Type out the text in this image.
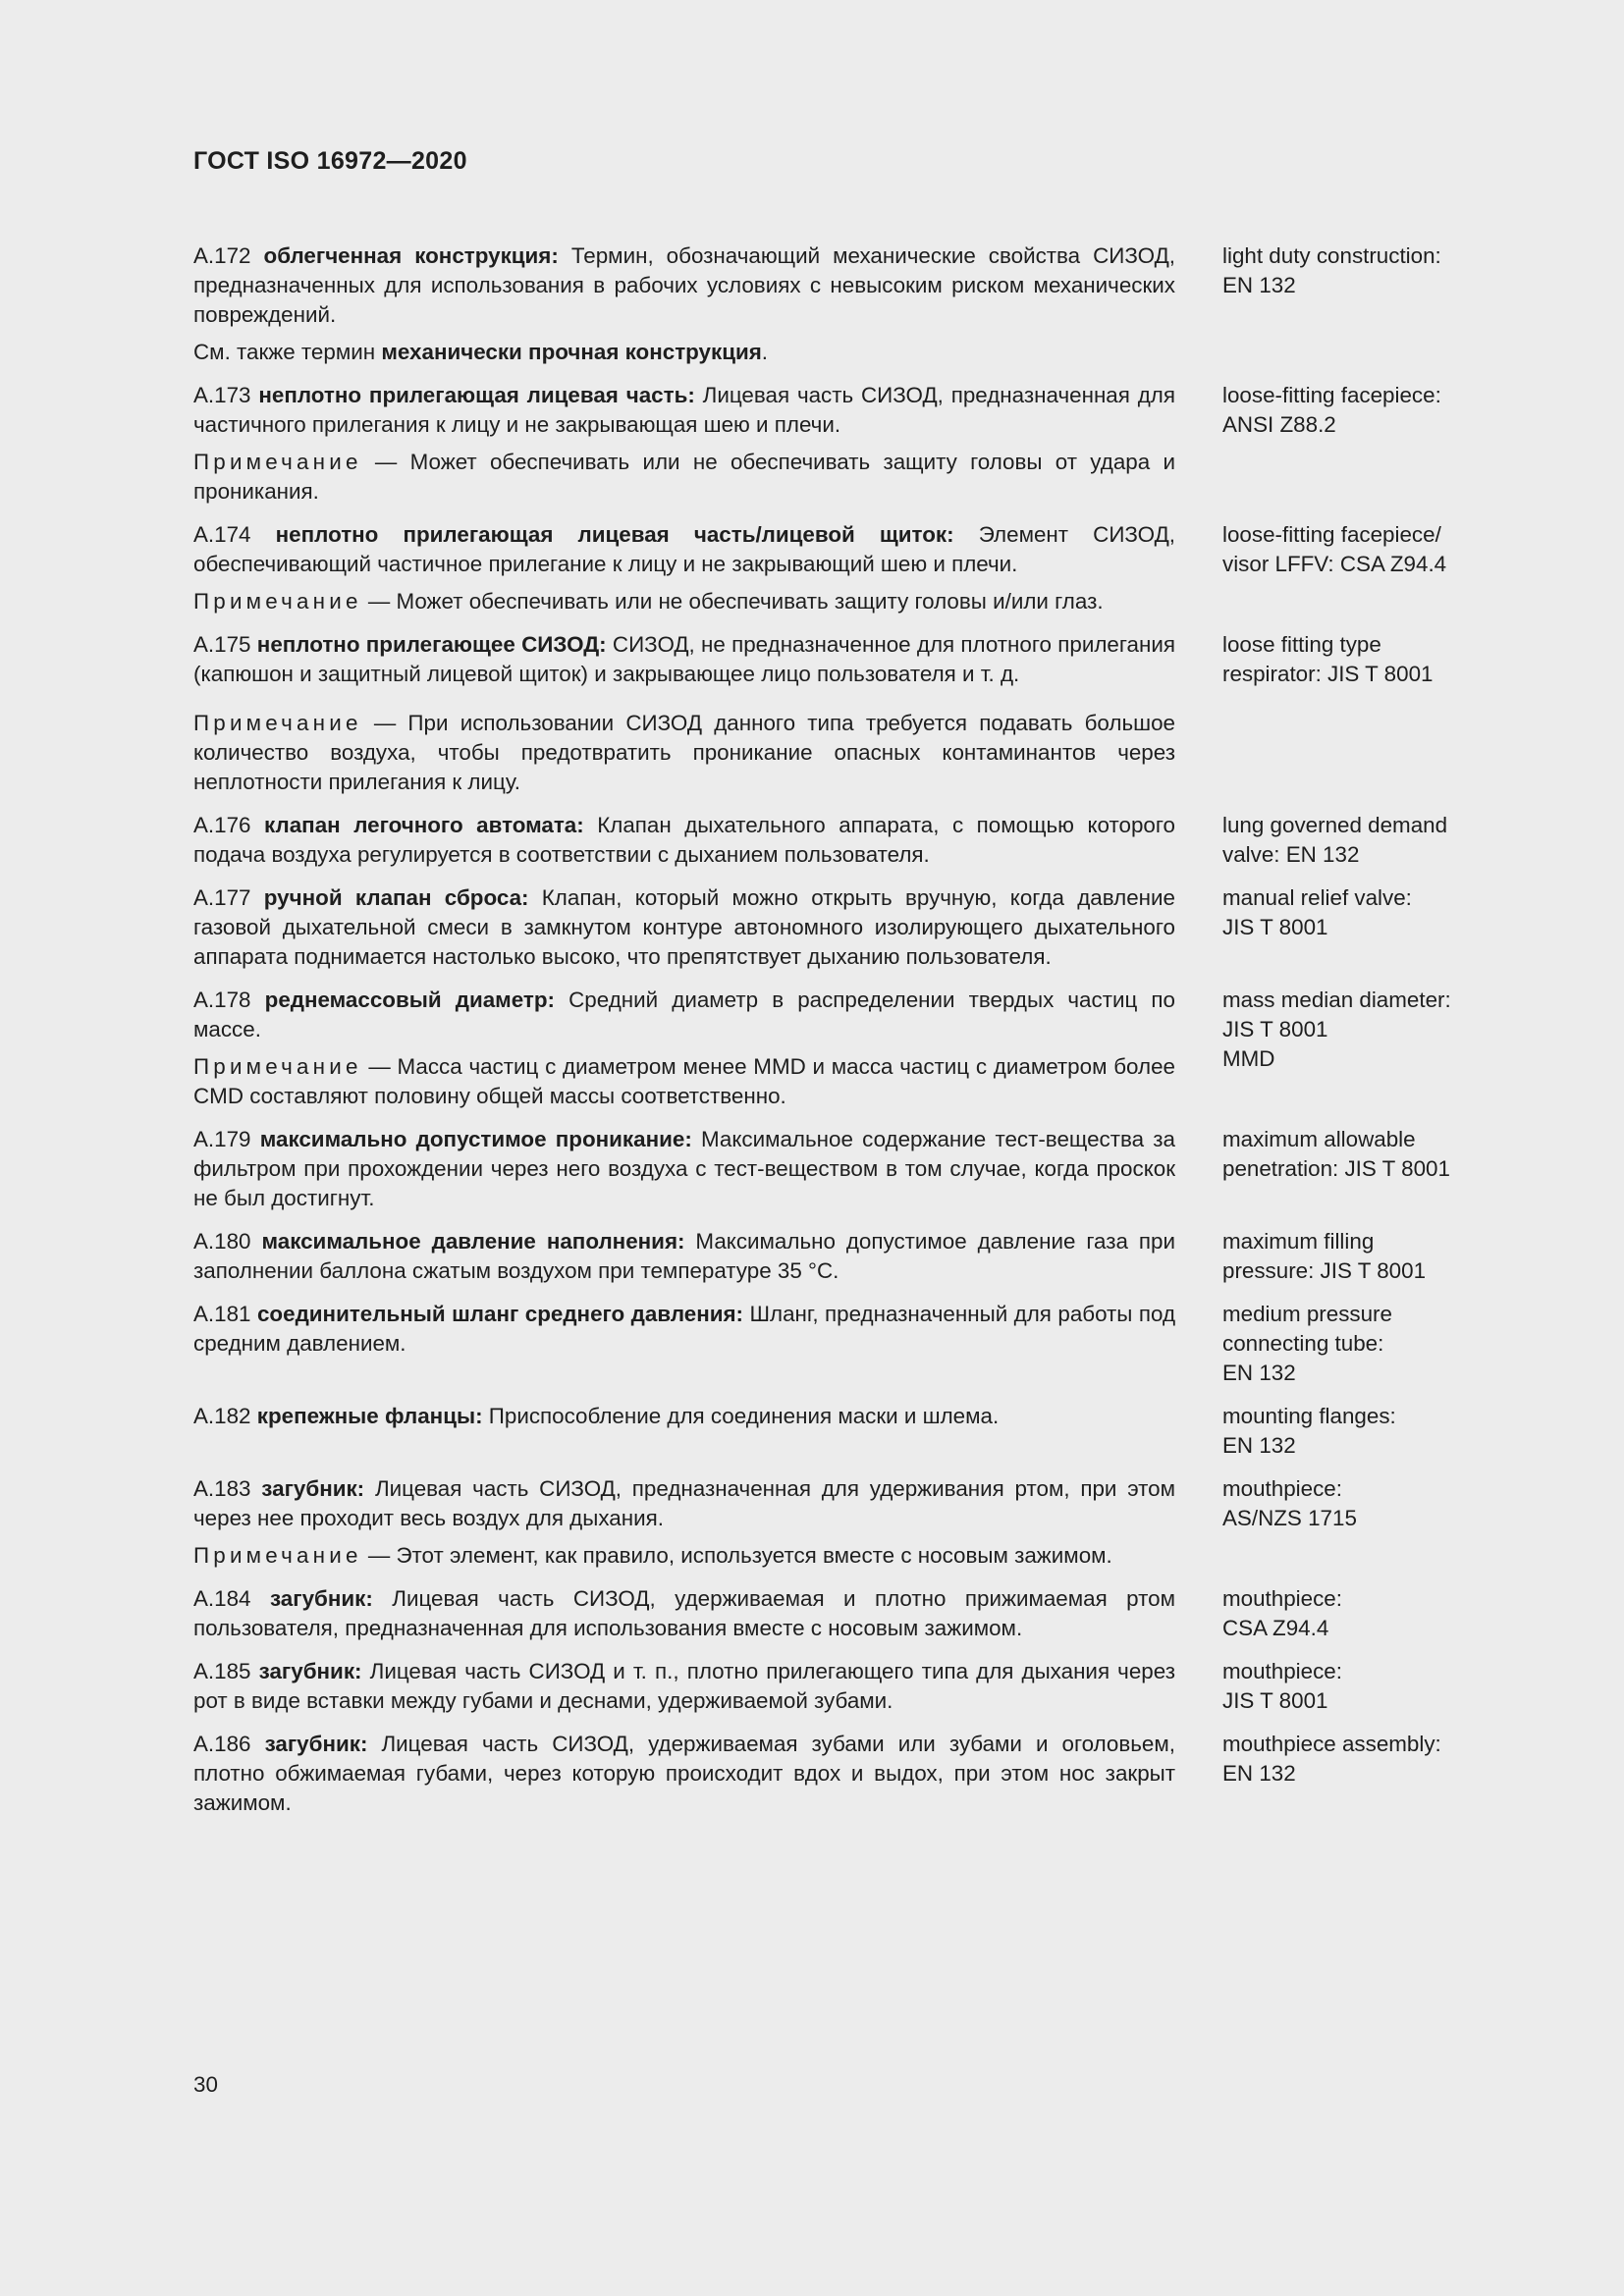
ГОСТ ISO 16972—2020

A.172 облегченная конструкция: Термин, обозначающий механические свойства СИЗОД, предназначенных для использования в рабочих условиях с невысоким риском механических повреждений.

См. также термин механически прочная конструкция.

light duty construction:
EN 132

A.173 неплотно прилегающая лицевая часть: Лицевая часть СИЗОД, предназначенная для частичного прилегания к лицу и не закрывающая шею и плечи.

Примечание — Может обеспечивать или не обеспечивать защиту головы от удара и проникания.

loose-fitting facepiece:
ANSI Z88.2

A.174 неплотно прилегающая лицевая часть/лицевой щиток: Элемент СИЗОД, обеспечивающий частичное прилегание к лицу и не закрывающий шею и плечи.

Примечание — Может обеспечивать или не обеспечивать защиту головы и/или глаз.

loose-fitting facepiece/
visor LFFV: CSA Z94.4

A.175 неплотно прилегающее СИЗОД: СИЗОД, не предназначенное для плотного прилегания (капюшон и защитный лицевой щиток) и закрывающее лицо пользователя и т. д.

Примечание — При использовании СИЗОД данного типа требуется подавать большое количество воздуха, чтобы предотвратить проникание опасных контаминантов через неплотности прилегания к лицу.

loose fitting type
respirator: JIS T 8001

A.176 клапан легочного автомата: Клапан дыхательного аппарата, с помощью которого подача воздуха регулируется в соответствии с дыханием пользователя.

lung governed demand
valve: EN 132

A.177 ручной клапан сброса: Клапан, который можно открыть вручную, когда давление газовой дыхательной смеси в замкнутом контуре автономного изолирующего дыхательного аппарата поднимается настолько высоко, что препятствует дыханию пользователя.

manual relief valve:
JIS T 8001

A.178 реднемассовый диаметр: Средний диаметр в распределении твердых частиц по массе.

Примечание — Масса частиц с диаметром менее MMD и масса частиц с диаметром более CMD составляют половину общей массы соответственно.

mass median diameter:
JIS T 8001
MMD

A.179 максимально допустимое проникание: Максимальное содержание тест-вещества за фильтром при прохождении через него воздуха с тест-веществом в том случае, когда проскок не был достигнут.

maximum allowable
penetration: JIS T 8001

A.180 максимальное давление наполнения: Максимально допустимое давление газа при заполнении баллона сжатым воздухом при температуре 35 °C.

maximum filling
pressure: JIS T 8001

A.181 соединительный шланг среднего давления: Шланг, предназначенный для работы под средним давлением.

medium pressure
connecting tube:
EN 132

A.182 крепежные фланцы: Приспособление для соединения маски и шлема.	mounting flanges:
EN 132

A.183 загубник: Лицевая часть СИЗОД, предназначенная для удерживания ртом, при этом через нее проходит весь воздух для дыхания.

Примечание — Этот элемент, как правило, используется вместе с носовым зажимом.

mouthpiece:
AS/NZS 1715

A.184 загубник: Лицевая часть СИЗОД, удерживаемая и плотно прижимаемая ртом пользователя, предназначенная для использования вместе с носовым зажимом.

mouthpiece:
CSA Z94.4

A.185 загубник: Лицевая часть СИЗОД и т. п., плотно прилегающего типа для дыхания через рот в виде вставки между губами и деснами, удерживаемой зубами.

mouthpiece:
JIS T 8001

A.186 загубник: Лицевая часть СИЗОД, удерживаемая зубами или зубами и оголовьем, плотно обжимаемая губами, через которую происходит вдох и выдох, при этом нос закрыт зажимом.

mouthpiece assembly:
EN 132
30
